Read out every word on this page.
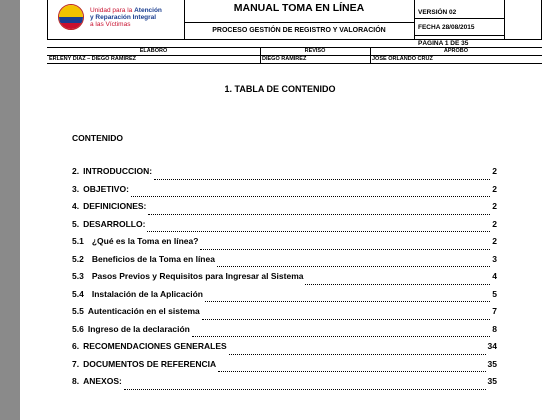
Unidad para la Atención
y Reparación Integral
a las Víctimas
MANUAL TOMA EN LÍNEA
PROCESO GESTIÓN DE REGISTRO Y VALORACIÓN
VERSIÓN 02
FECHA 28/08/2015
PÁGINA 1 DE 35
ELABORÓ	REVISÓ	APROBÓ
ERLENY DIAZ – DIEGO RAMIREZ	DIEGO RAMIREZ	JOSE ORLANDO CRUZ
1. TABLA DE CONTENIDO
CONTENIDO
2. INTRODUCCION:	2
3. OBJETIVO:	2
4. DEFINICIONES:	2
5. DESARROLLO:	2
5.1 ¿Qué es la Toma en línea?	2
5.2 Beneficios de la Toma en línea	3
5.3 Pasos Previos y Requisitos para Ingresar al Sistema	4
5.4 Instalación de la Aplicación	5
5.5 Autenticación en el sistema	7
5.6 Ingreso de la declaración	8
6. RECOMENDACIONES GENERALES	34
7. DOCUMENTOS DE REFERENCIA	35
8. ANEXOS:	35
